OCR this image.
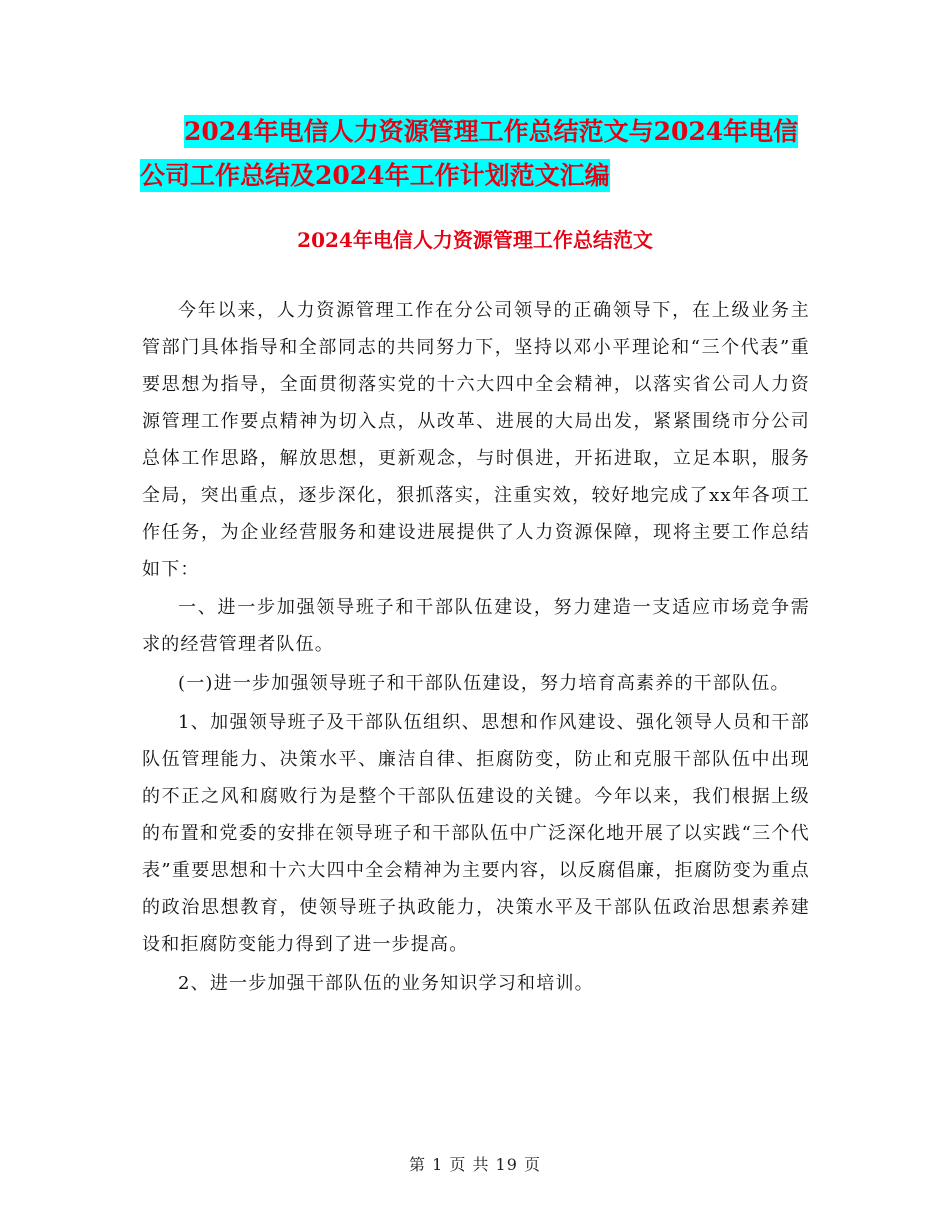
2024年电信人力资源管理工作总结范文与2024年电信
公司工作总结及2024年工作计划范文汇编
2024年电信人力资源管理工作总结范文

今年以来，人力资源管理工作在分公司领导的正确领导下，在上级业务主管部门具体指导和全部同志的共同努力下，坚持以邓小平理论和“三个代表”重要思想为指导，全面贯彻落实党的十六大四中全会精神，以落实省公司人力资源管理工作要点精神为切入点，从改革、进展的大局出发，紧紧围绕市分公司总体工作思路，解放思想，更新观念，与时俱进，开拓进取，立足本职，服务全局，突出重点，逐步深化，狠抓落实，注重实效，较好地完成了xx年各项工作任务，为企业经营服务和建设进展提供了人力资源保障，现将主要工作总结如下：

一、进一步加强领导班子和干部队伍建设，努力建造一支适应市场竞争需求的经营管理者队伍。

(一)进一步加强领导班子和干部队伍建设，努力培育高素养的干部队伍。

1、加强领导班子及干部队伍组织、思想和作风建设、强化领导人员和干部队伍管理能力、决策水平、廉洁自律、拒腐防变，防止和克服干部队伍中出现的不正之风和腐败行为是整个干部队伍建设的关键。今年以来，我们根据上级的布置和党委的安排在领导班子和干部队伍中广泛深化地开展了以实践“三个代表”重要思想和十六大四中全会精神为主要内容，以反腐倡廉，拒腐防变为重点的政治思想教育，使领导班子执政能力，决策水平及干部队伍政治思想素养建设和拒腐防变能力得到了进一步提高。

2、进一步加强干部队伍的业务知识学习和培训。

第 1 页 共 19 页
